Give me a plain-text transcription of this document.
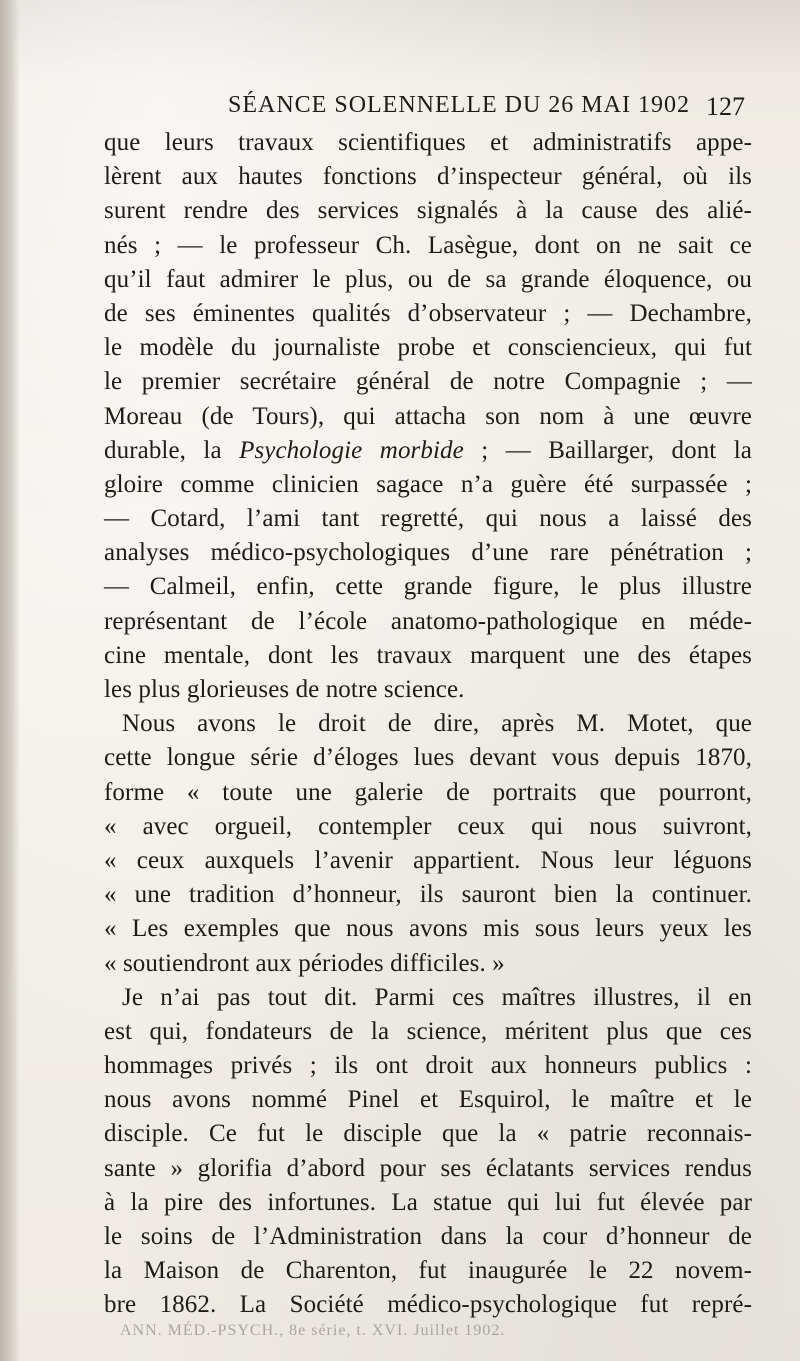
SÉANCE SOLENNELLE DU 26 MAI 1902 127
que leurs travaux scientifiques et administratifs appe-
lèrent aux hautes fonctions d’inspecteur général, où ils
surent rendre des services signalés à la cause des alié-
nés ; — le professeur Ch. Lasègue, dont on ne sait ce
qu’il faut admirer le plus, ou de sa grande éloquence, ou
de ses éminentes qualités d’observateur ; — Dechambre,
le modèle du journaliste probe et consciencieux, qui fut
le premier secrétaire général de notre Compagnie ; —
Moreau (de Tours), qui attacha son nom à une œuvre
durable, la Psychologie morbide ; — Baillarger, dont la
gloire comme clinicien sagace n’a guère été surpassée ;
— Cotard, l’ami tant regretté, qui nous a laissé des
analyses médico-psychologiques d’une rare pénétration ;
— Calmeil, enfin, cette grande figure, le plus illustre
représentant de l’école anatomo-pathologique en méde-
cine mentale, dont les travaux marquent une des étapes
les plus glorieuses de notre science.
Nous avons le droit de dire, après M. Motet, que
cette longue série d’éloges lues devant vous depuis 1870,
forme « toute une galerie de portraits que pourront,
« avec orgueil, contempler ceux qui nous suivront,
« ceux auxquels l’avenir appartient. Nous leur léguons
« une tradition d’honneur, ils sauront bien la continuer.
« Les exemples que nous avons mis sous leurs yeux les
« soutiendront aux périodes difficiles. »
Je n’ai pas tout dit. Parmi ces maîtres illustres, il en
est qui, fondateurs de la science, méritent plus que ces
hommages privés ; ils ont droit aux honneurs publics :
nous avons nommé Pinel et Esquirol, le maître et le
disciple. Ce fut le disciple que la « patrie reconnais-
sante » glorifia d’abord pour ses éclatants services rendus
à la pire des infortunes. La statue qui lui fut élevée par
le soins de l’Administration dans la cour d’honneur de
la Maison de Charenton, fut inaugurée le 22 novem-
bre 1862. La Société médico-psychologique fut repré-
ANN. MÉD.-PSYCH., 8e série, t. XVI. Juillet 1902.
